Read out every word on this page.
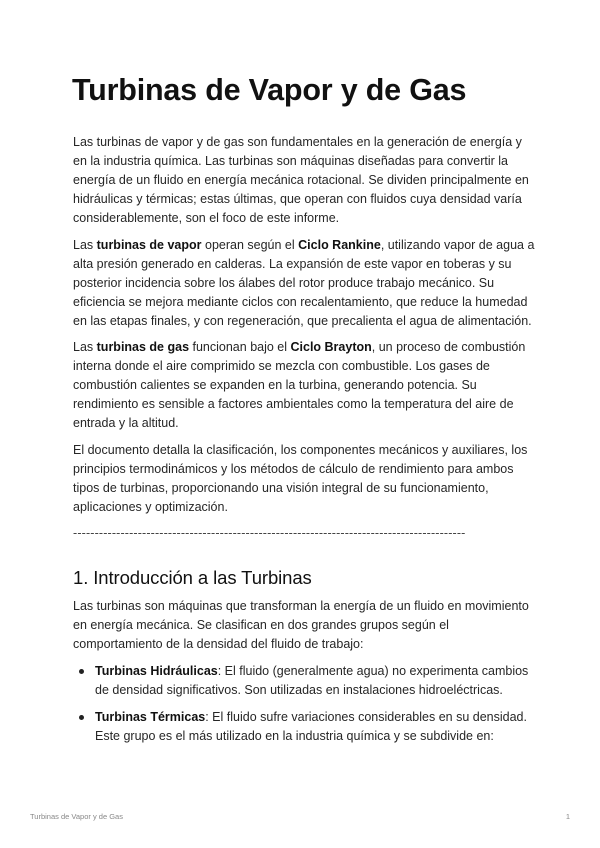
Turbinas de Vapor y de Gas

Las turbinas de vapor y de gas son fundamentales en la generación de energía y en la industria química. Las turbinas son máquinas diseñadas para convertir la energía de un fluido en energía mecánica rotacional. Se dividen principalmente en hidráulicas y térmicas; estas últimas, que operan con fluidos cuya densidad varía considerablemente, son el foco de este informe.

Las turbinas de vapor operan según el Ciclo Rankine, utilizando vapor de agua a alta presión generado en calderas. La expansión de este vapor en toberas y su posterior incidencia sobre los álabes del rotor produce trabajo mecánico. Su eficiencia se mejora mediante ciclos con recalentamiento, que reduce la humedad en las etapas finales, y con regeneración, que precalienta el agua de alimentación.

Las turbinas de gas funcionan bajo el Ciclo Brayton, un proceso de combustión interna donde el aire comprimido se mezcla con combustible. Los gases de combustión calientes se expanden en la turbina, generando potencia. Su rendimiento es sensible a factores ambientales como la temperatura del aire de entrada y la altitud.

El documento detalla la clasificación, los componentes mecánicos y auxiliares, los principios termodinámicos y los métodos de cálculo de rendimiento para ambos tipos de turbinas, proporcionando una visión integral de su funcionamiento, aplicaciones y optimización.

-------------------------------------------------------------------------------------------
1. Introducción a las Turbinas

Las turbinas son máquinas que transforman la energía de un fluido en movimiento en energía mecánica. Se clasifican en dos grandes grupos según el comportamiento de la densidad del fluido de trabajo:

Turbinas Hidráulicas: El fluido (generalmente agua) no experimenta cambios de densidad significativos. Son utilizadas en instalaciones hidroeléctricas.
Turbinas Térmicas: El fluido sufre variaciones considerables en su densidad. Este grupo es el más utilizado en la industria química y se subdivide en:
Turbinas de Vapor y de Gas	1
